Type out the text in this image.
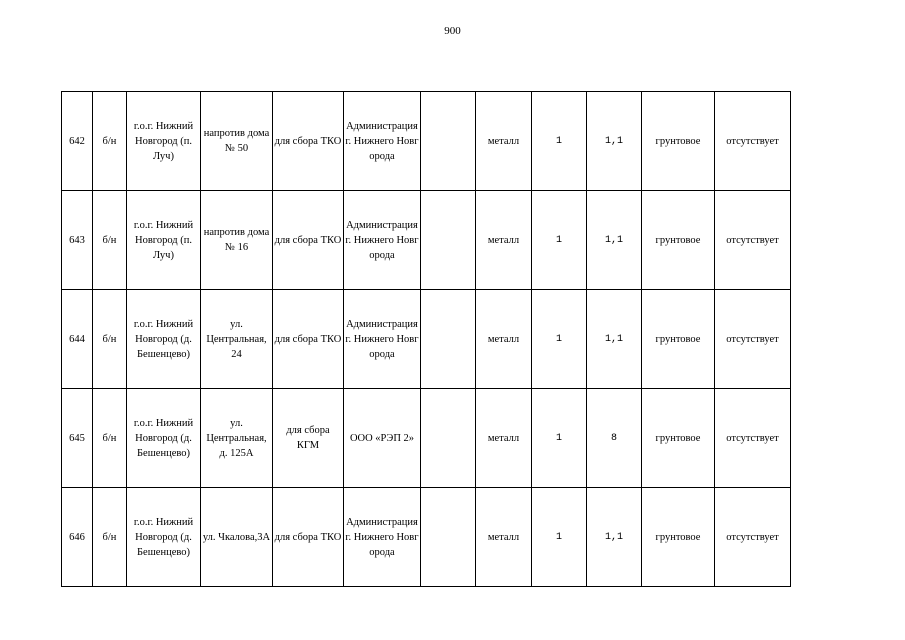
900
642	б/н	г.о.г. Нижний Новгород (п. Луч)	напротив дома № 50	для сбора ТКО	Администрация г. Нижнего Новгорода		металл	1	1,1	грунтовое	отсутствует
643	б/н	г.о.г. Нижний Новгород (п. Луч)	напротив дома № 16	для сбора ТКО	Администрация г. Нижнего Новгорода		металл	1	1,1	грунтовое	отсутствует
644	б/н	г.о.г. Нижний Новгород (д. Бешенцево)	ул. Центральная, 24	для сбора ТКО	Администрация г. Нижнего Новгорода		металл	1	1,1	грунтовое	отсутствует
645	б/н	г.о.г. Нижний Новгород (д. Бешенцево)	ул. Центральная, д. 125А	для сбора КГМ	ООО «РЭП 2»		металл	1	8	грунтовое	отсутствует
646	б/н	г.о.г. Нижний Новгород (д. Бешенцево)	ул. Чкалова,3А	для сбора ТКО	Администрация г. Нижнего Новгорода		металл	1	1,1	грунтовое	отсутствует
